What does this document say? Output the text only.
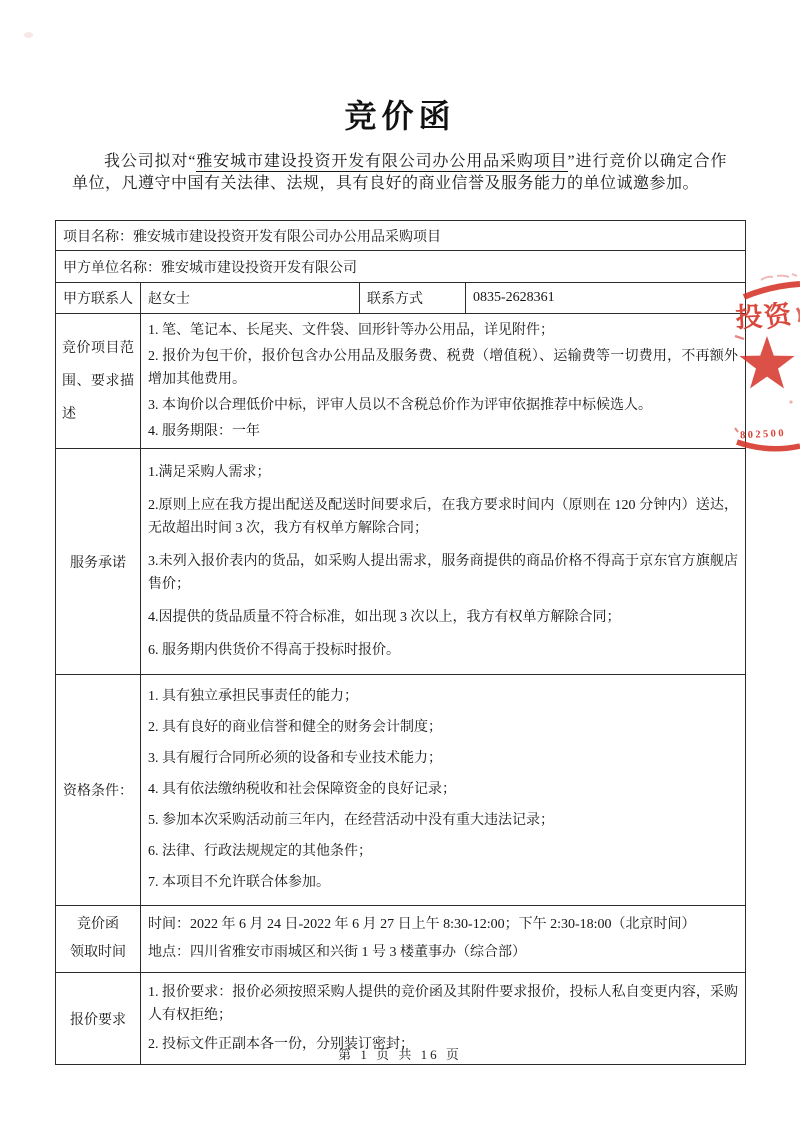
竞价函

我公司拟对“雅安城市建设投资开发有限公司办公用品采购项目”进行竞价以确定合作单位，凡遵守中国有关法律、法规，具有良好的商业信誉及服务能力的单位诚邀参加。

项目名称：雅安城市建设投资开发有限公司办公用品采购项目			
甲方单位名称：雅安城市建设投资开发有限公司			
甲方联系人	赵女士	联系方式	0835-2628361
竞价项目范围、要求描述	1. 笔、笔记本、长尾夹、文件袋、回形针等办公用品，详见附件；

2. 报价为包干价，报价包含办公用品及服务费、税费（增值税）、运输费等一切费用，不再额外增加其他费用。

3. 本询价以合理低价中标，评审人员以不含税总价作为评审依据推荐中标候选人。

4. 服务期限：一年		

服务承诺	1.满足采购人需求；

2.原则上应在我方提出配送及配送时间要求后，在我方要求时间内（原则在 120 分钟内）送达，无故超出时间 3 次，我方有权单方解除合同；

3.未列入报价表内的货品，如采购人提出需求，服务商提供的商品价格不得高于京东官方旗舰店售价；

4.因提供的货品质量不符合标准，如出现 3 次以上，我方有权单方解除合同；

6. 服务期内供货价不得高于投标时报价。		

资格条件：	

1. 具有独立承担民事责任的能力；

2. 具有良好的商业信誉和健全的财务会计制度；

3. 具有履行合同所必须的设备和专业技术能力；

4. 具有依法缴纳税收和社会保障资金的良好记录；

5. 参加本次采购活动前三年内，在经营活动中没有重大违法记录；

6. 法律、行政法规规定的其他条件；

7. 本项目不允许联合体参加。

竞价函
领取时间

时间：2022 年 6 月 24 日-2022 年 6 月 27 日上午 8:30-12:00；下午 2:30-18:00（北京时间）

地点：四川省雅安市雨城区和兴街 1 号 3 楼董事办（综合部）

报价要求	1. 报价要求：报价必须按照采购人提供的竞价函及其附件要求报价，投标人私自变更内容，采购人有权拒绝；

2. 投标文件正副本各一份，分别装订密封；		

第 1 页 共 16 页
投资
802500
